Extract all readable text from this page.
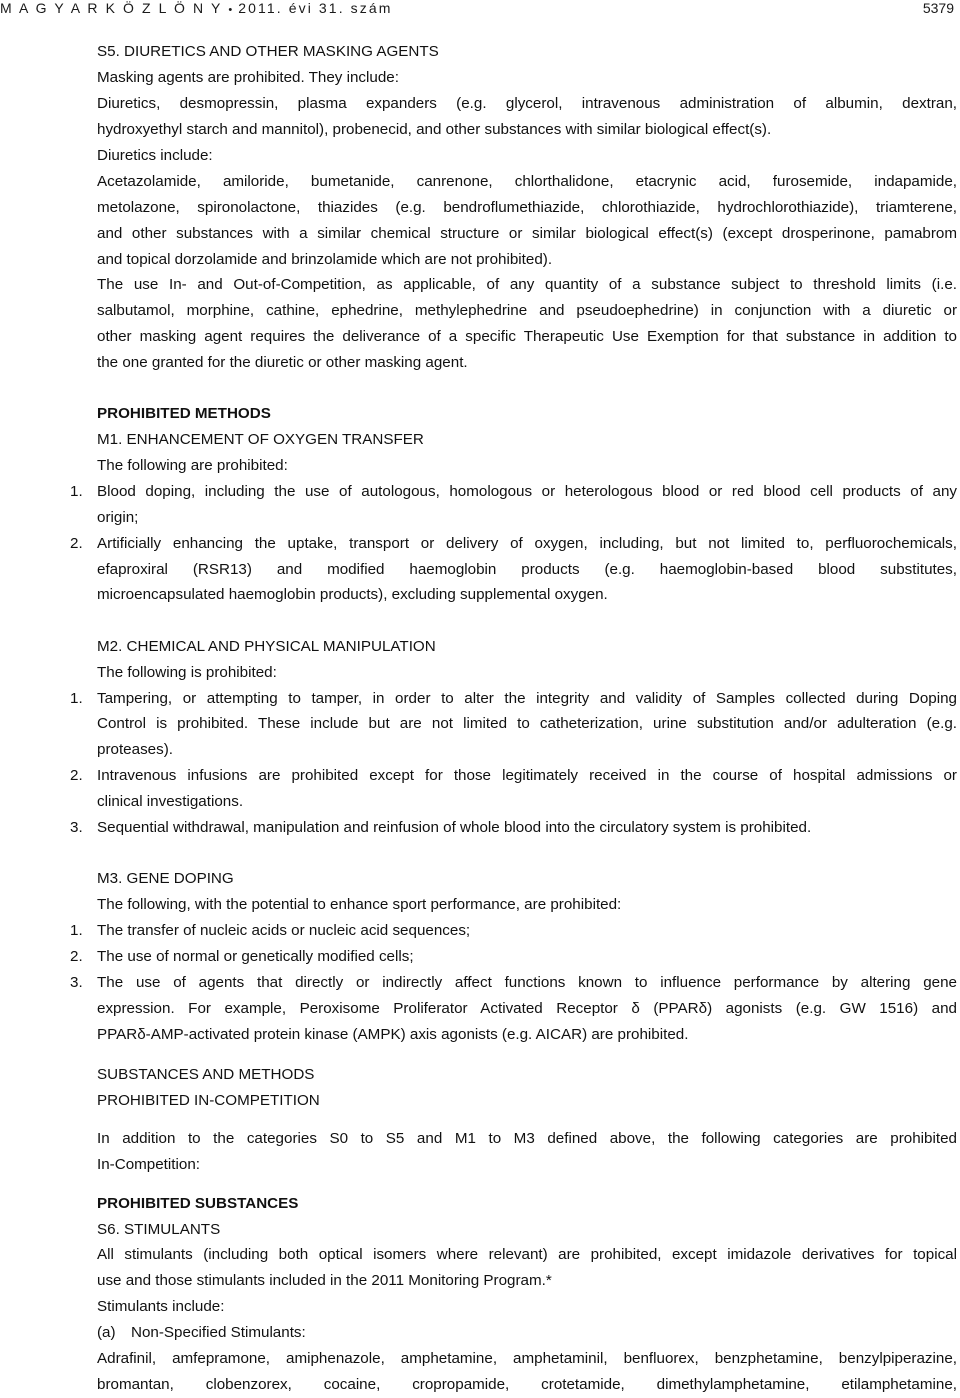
M A G Y A R K Ö Z L Ö N Y • 2011. évi 31. szám	5379
S5. DIURETICS AND OTHER MASKING AGENTS
Masking agents are prohibited. They include:
Diuretics, desmopressin, plasma expanders (e.g. glycerol, intravenous administration of albumin, dextran,
hydroxyethyl starch and mannitol), probenecid, and other substances with similar biological effect(s).
Diuretics include:
Acetazolamide, amiloride, bumetanide, canrenone, chlorthalidone, etacrynic acid, furosemide, indapamide,
metolazone, spironolactone, thiazides (e.g. bendroflumethiazide, chlorothiazide, hydrochlorothiazide), triamterene,
and other substances with a similar chemical structure or similar biological effect(s) (except drosperinone, pamabrom
and topical dorzolamide and brinzolamide which are not prohibited).
The use In- and Out-of-Competition, as applicable, of any quantity of a substance subject to threshold limits (i.e.
salbutamol, morphine, cathine, ephedrine, methylephedrine and pseudoephedrine) in conjunction with a diuretic or
other masking agent requires the deliverance of a specific Therapeutic Use Exemption for that substance in addition to
the one granted for the diuretic or other masking agent.
PROHIBITED METHODS
M1. ENHANCEMENT OF OXYGEN TRANSFER
The following are prohibited:
1. Blood doping, including the use of autologous, homologous or heterologous blood or red blood cell products of any
origin;
2. Artificially enhancing the uptake, transport or delivery of oxygen, including, but not limited to, perfluorochemicals,
efaproxiral (RSR13) and modified haemoglobin products (e.g. haemoglobin-based blood substitutes,
microencapsulated haemoglobin products), excluding supplemental oxygen.
M2. CHEMICAL AND PHYSICAL MANIPULATION
The following is prohibited:
1. Tampering, or attempting to tamper, in order to alter the integrity and validity of Samples collected during Doping
Control is prohibited. These include but are not limited to catheterization, urine substitution and/or adulteration (e.g.
proteases).
2. Intravenous infusions are prohibited except for those legitimately received in the course of hospital admissions or
clinical investigations.
3. Sequential withdrawal, manipulation and reinfusion of whole blood into the circulatory system is prohibited.
M3. GENE DOPING
The following, with the potential to enhance sport performance, are prohibited:
1. The transfer of nucleic acids or nucleic acid sequences;
2. The use of normal or genetically modified cells;
3. The use of agents that directly or indirectly affect functions known to influence performance by altering gene
expression. For example, Peroxisome Proliferator Activated Receptor δ (PPARδ) agonists (e.g. GW 1516) and
PPARδ-AMP-activated protein kinase (AMPK) axis agonists (e.g. AICAR) are prohibited.
SUBSTANCES AND METHODS
PROHIBITED IN-COMPETITION
In addition to the categories S0 to S5 and M1 to M3 defined above, the following categories are prohibited
In-Competition:
PROHIBITED SUBSTANCES
S6. STIMULANTS
All stimulants (including both optical isomers where relevant) are prohibited, except imidazole derivatives for topical
use and those stimulants included in the 2011 Monitoring Program.*
Stimulants include:
(a) Non-Specified Stimulants:
Adrafinil, amfepramone, amiphenazole, amphetamine, amphetaminil, benfluorex, benzphetamine, benzylpiperazine,
bromantan, clobenzorex, cocaine, cropropamide, crotetamide, dimethylamphetamine, etilamphetamine,
